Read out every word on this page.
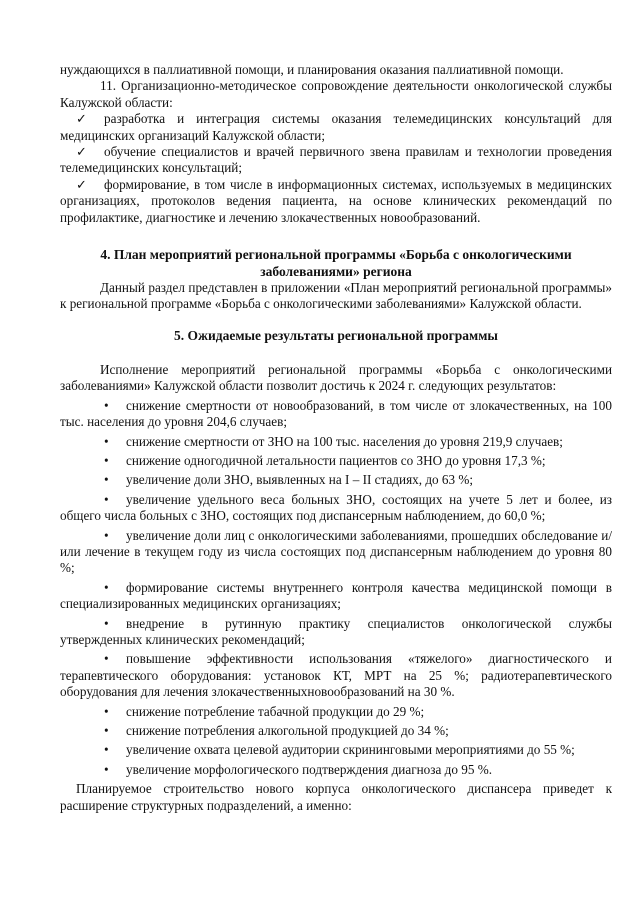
нуждающихся в паллиативной помощи, и планирования оказания паллиативной помощи.

11. Организационно-методическое сопровождение деятельности онкологической службы Калужской области:

✓ разработка и интеграция системы оказания телемедицинских консультаций для медицинских организаций Калужской области;

✓ обучение специалистов и врачей первичного звена правилам и технологии проведения телемедицинских консультаций;

✓ формирование, в том числе в информационных системах, используемых в медицинских организациях, протоколов ведения пациента, на основе клинических рекомендаций по профилактике, диагностике и лечению злокачественных новообразований.

4. План мероприятий региональной программы «Борьба с онкологическими заболеваниями» региона

Данный раздел представлен в приложении «План мероприятий региональной программы» к региональной программе «Борьба с онкологическими заболеваниями» Калужской области.

5. Ожидаемые результаты региональной программы

Исполнение мероприятий региональной программы «Борьба с онкологическими заболеваниями» Калужской области позволит достичь к 2024 г. следующих результатов:

•снижение смертности от новообразований, в том числе от злокачественных, на 100 тыс. населения до уровня 204,6 случаев;

•снижение смертности от ЗНО на 100 тыс. населения до уровня 219,9 случаев;

•снижение одногодичной летальности пациентов со ЗНО до уровня 17,3 %;

•увеличение доли ЗНО, выявленных на I – II стадиях, до 63 %;

•увеличение удельного веса больных ЗНО, состоящих на учете 5 лет и более, из общего числа больных с ЗНО, состоящих под диспансерным наблюдением, до 60,0 %;

•увеличение доли лиц с онкологическими заболеваниями, прошедших обследование и/или лечение в текущем году из числа состоящих под диспансерным наблюдением до уровня 80 %;

•формирование системы внутреннего контроля качества медицинской помощи в специализированных медицинских организациях;

•внедрение в рутинную практику специалистов онкологической службы утвержденных клинических рекомендаций;

•повышение эффективности использования «тяжелого» диагностического и терапевтического оборудования: установок КТ, МРТ на 25 %; радиотерапевтического оборудования для лечения злокачественныхновообразований на 30 %.

•снижение потребление табачной продукции до 29 %;

•снижение потребления алкогольной продукцией до 34 %;

•увеличение охвата целевой аудитории скрининговыми мероприятиями до 55 %;

•увеличение морфологического подтверждения диагноза до 95 %.

Планируемое строительство нового корпуса онкологического диспансера приведет к расширение структурных подразделений, а именно:
